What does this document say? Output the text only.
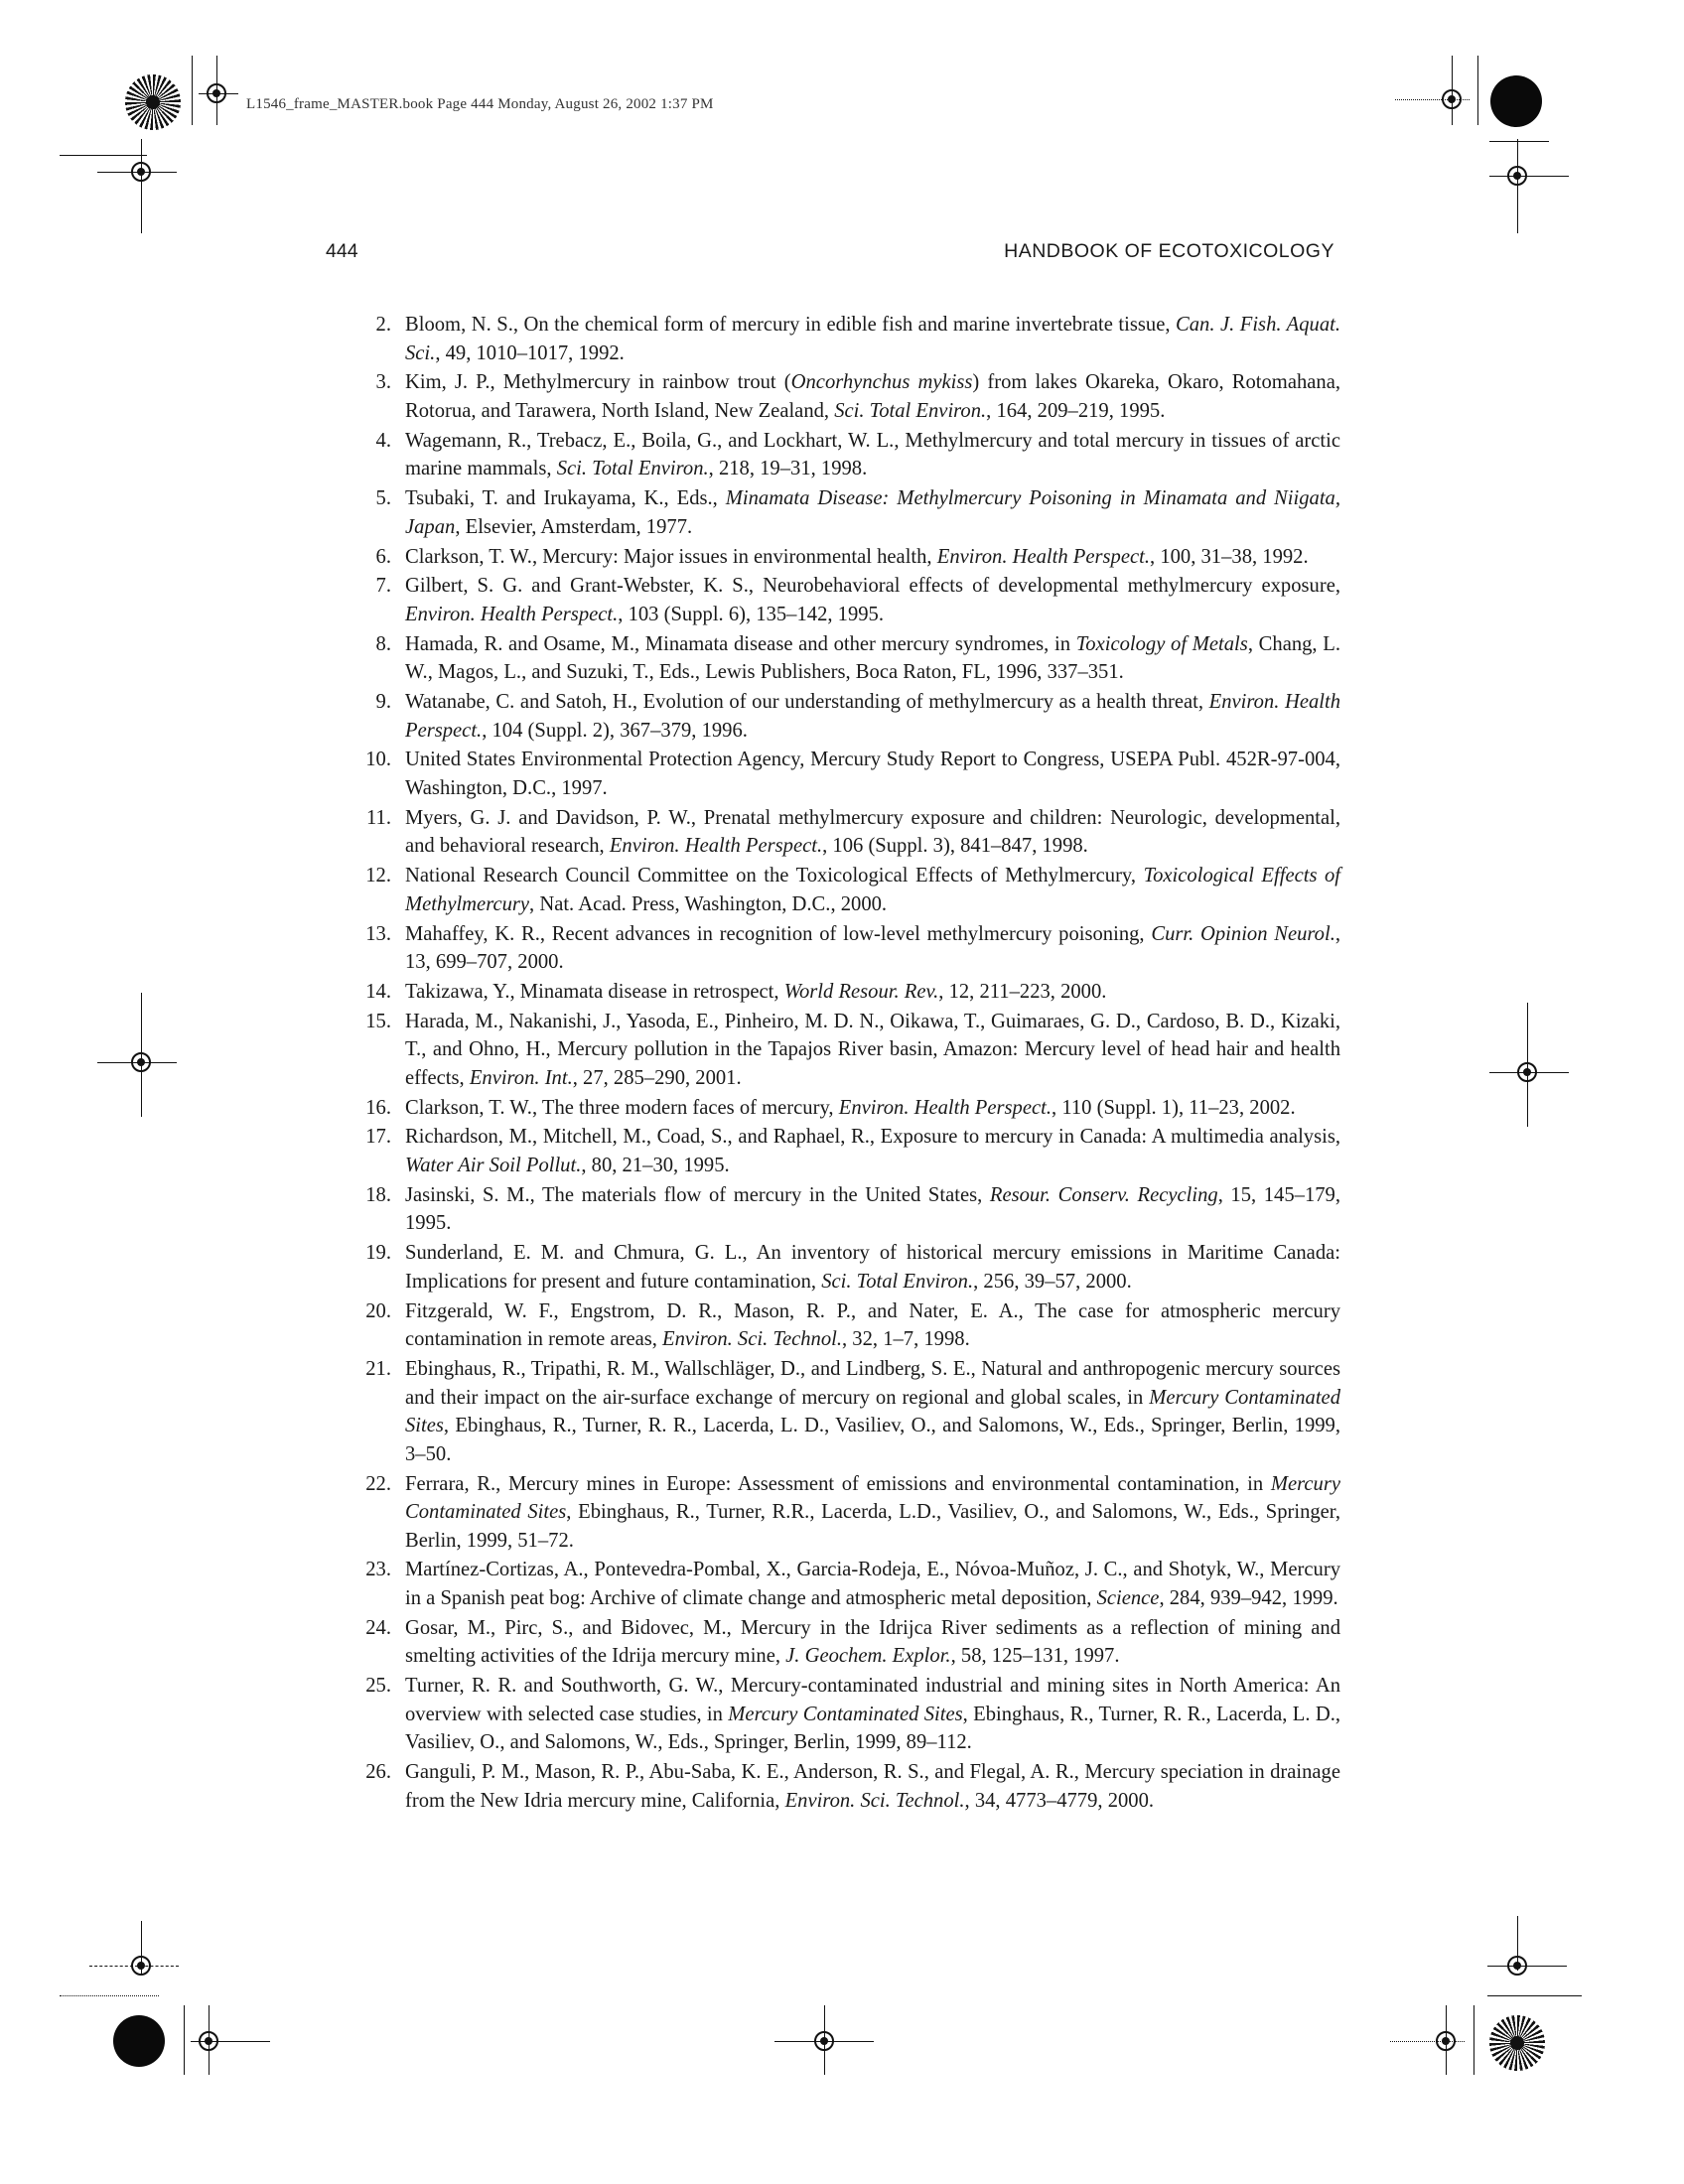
L1546_frame_MASTER.book Page 444 Monday, August 26, 2002 1:37 PM
444	HANDBOOK OF ECOTOXICOLOGY
2. Bloom, N. S., On the chemical form of mercury in edible fish and marine invertebrate tissue, Can. J. Fish. Aquat. Sci., 49, 1010–1017, 1992.
3. Kim, J. P., Methylmercury in rainbow trout (Oncorhynchus mykiss) from lakes Okareka, Okaro, Rotomahana, Rotorua, and Tarawera, North Island, New Zealand, Sci. Total Environ., 164, 209–219, 1995.
4. Wagemann, R., Trebacz, E., Boila, G., and Lockhart, W. L., Methylmercury and total mercury in tissues of arctic marine mammals, Sci. Total Environ., 218, 19–31, 1998.
5. Tsubaki, T. and Irukayama, K., Eds., Minamata Disease: Methylmercury Poisoning in Minamata and Niigata, Japan, Elsevier, Amsterdam, 1977.
6. Clarkson, T. W., Mercury: Major issues in environmental health, Environ. Health Perspect., 100, 31–38, 1992.
7. Gilbert, S. G. and Grant-Webster, K. S., Neurobehavioral effects of developmental methylmercury exposure, Environ. Health Perspect., 103 (Suppl. 6), 135–142, 1995.
8. Hamada, R. and Osame, M., Minamata disease and other mercury syndromes, in Toxicology of Metals, Chang, L. W., Magos, L., and Suzuki, T., Eds., Lewis Publishers, Boca Raton, FL, 1996, 337–351.
9. Watanabe, C. and Satoh, H., Evolution of our understanding of methylmercury as a health threat, Environ. Health Perspect., 104 (Suppl. 2), 367–379, 1996.
10. United States Environmental Protection Agency, Mercury Study Report to Congress, USEPA Publ. 452R-97-004, Washington, D.C., 1997.
11. Myers, G. J. and Davidson, P. W., Prenatal methylmercury exposure and children: Neurologic, developmental, and behavioral research, Environ. Health Perspect., 106 (Suppl. 3), 841–847, 1998.
12. National Research Council Committee on the Toxicological Effects of Methylmercury, Toxicological Effects of Methylmercury, Nat. Acad. Press, Washington, D.C., 2000.
13. Mahaffey, K. R., Recent advances in recognition of low-level methylmercury poisoning, Curr. Opinion Neurol., 13, 699–707, 2000.
14. Takizawa, Y., Minamata disease in retrospect, World Resour. Rev., 12, 211–223, 2000.
15. Harada, M., Nakanishi, J., Yasoda, E., Pinheiro, M. D. N., Oikawa, T., Guimaraes, G. D., Cardoso, B. D., Kizaki, T., and Ohno, H., Mercury pollution in the Tapajos River basin, Amazon: Mercury level of head hair and health effects, Environ. Int., 27, 285–290, 2001.
16. Clarkson, T. W., The three modern faces of mercury, Environ. Health Perspect., 110 (Suppl. 1), 11–23, 2002.
17. Richardson, M., Mitchell, M., Coad, S., and Raphael, R., Exposure to mercury in Canada: A multimedia analysis, Water Air Soil Pollut., 80, 21–30, 1995.
18. Jasinski, S. M., The materials flow of mercury in the United States, Resour. Conserv. Recycling, 15, 145–179, 1995.
19. Sunderland, E. M. and Chmura, G. L., An inventory of historical mercury emissions in Maritime Canada: Implications for present and future contamination, Sci. Total Environ., 256, 39–57, 2000.
20. Fitzgerald, W. F., Engstrom, D. R., Mason, R. P., and Nater, E. A., The case for atmospheric mercury contamination in remote areas, Environ. Sci. Technol., 32, 1–7, 1998.
21. Ebinghaus, R., Tripathi, R. M., Wallschläger, D., and Lindberg, S. E., Natural and anthropogenic mercury sources and their impact on the air-surface exchange of mercury on regional and global scales, in Mercury Contaminated Sites, Ebinghaus, R., Turner, R. R., Lacerda, L. D., Vasiliev, O., and Salomons, W., Eds., Springer, Berlin, 1999, 3–50.
22. Ferrara, R., Mercury mines in Europe: Assessment of emissions and environmental contamination, in Mercury Contaminated Sites, Ebinghaus, R., Turner, R.R., Lacerda, L.D., Vasiliev, O., and Salomons, W., Eds., Springer, Berlin, 1999, 51–72.
23. Martínez-Cortizas, A., Pontevedra-Pombal, X., Garcia-Rodeja, E., Nóvoa-Muñoz, J. C., and Shotyk, W., Mercury in a Spanish peat bog: Archive of climate change and atmospheric metal deposition, Science, 284, 939–942, 1999.
24. Gosar, M., Pirc, S., and Bidovec, M., Mercury in the Idrijca River sediments as a reflection of mining and smelting activities of the Idrija mercury mine, J. Geochem. Explor., 58, 125–131, 1997.
25. Turner, R. R. and Southworth, G. W., Mercury-contaminated industrial and mining sites in North America: An overview with selected case studies, in Mercury Contaminated Sites, Ebinghaus, R., Turner, R. R., Lacerda, L. D., Vasiliev, O., and Salomons, W., Eds., Springer, Berlin, 1999, 89–112.
26. Ganguli, P. M., Mason, R. P., Abu-Saba, K. E., Anderson, R. S., and Flegal, A. R., Mercury speciation in drainage from the New Idria mercury mine, California, Environ. Sci. Technol., 34, 4773–4779, 2000.
